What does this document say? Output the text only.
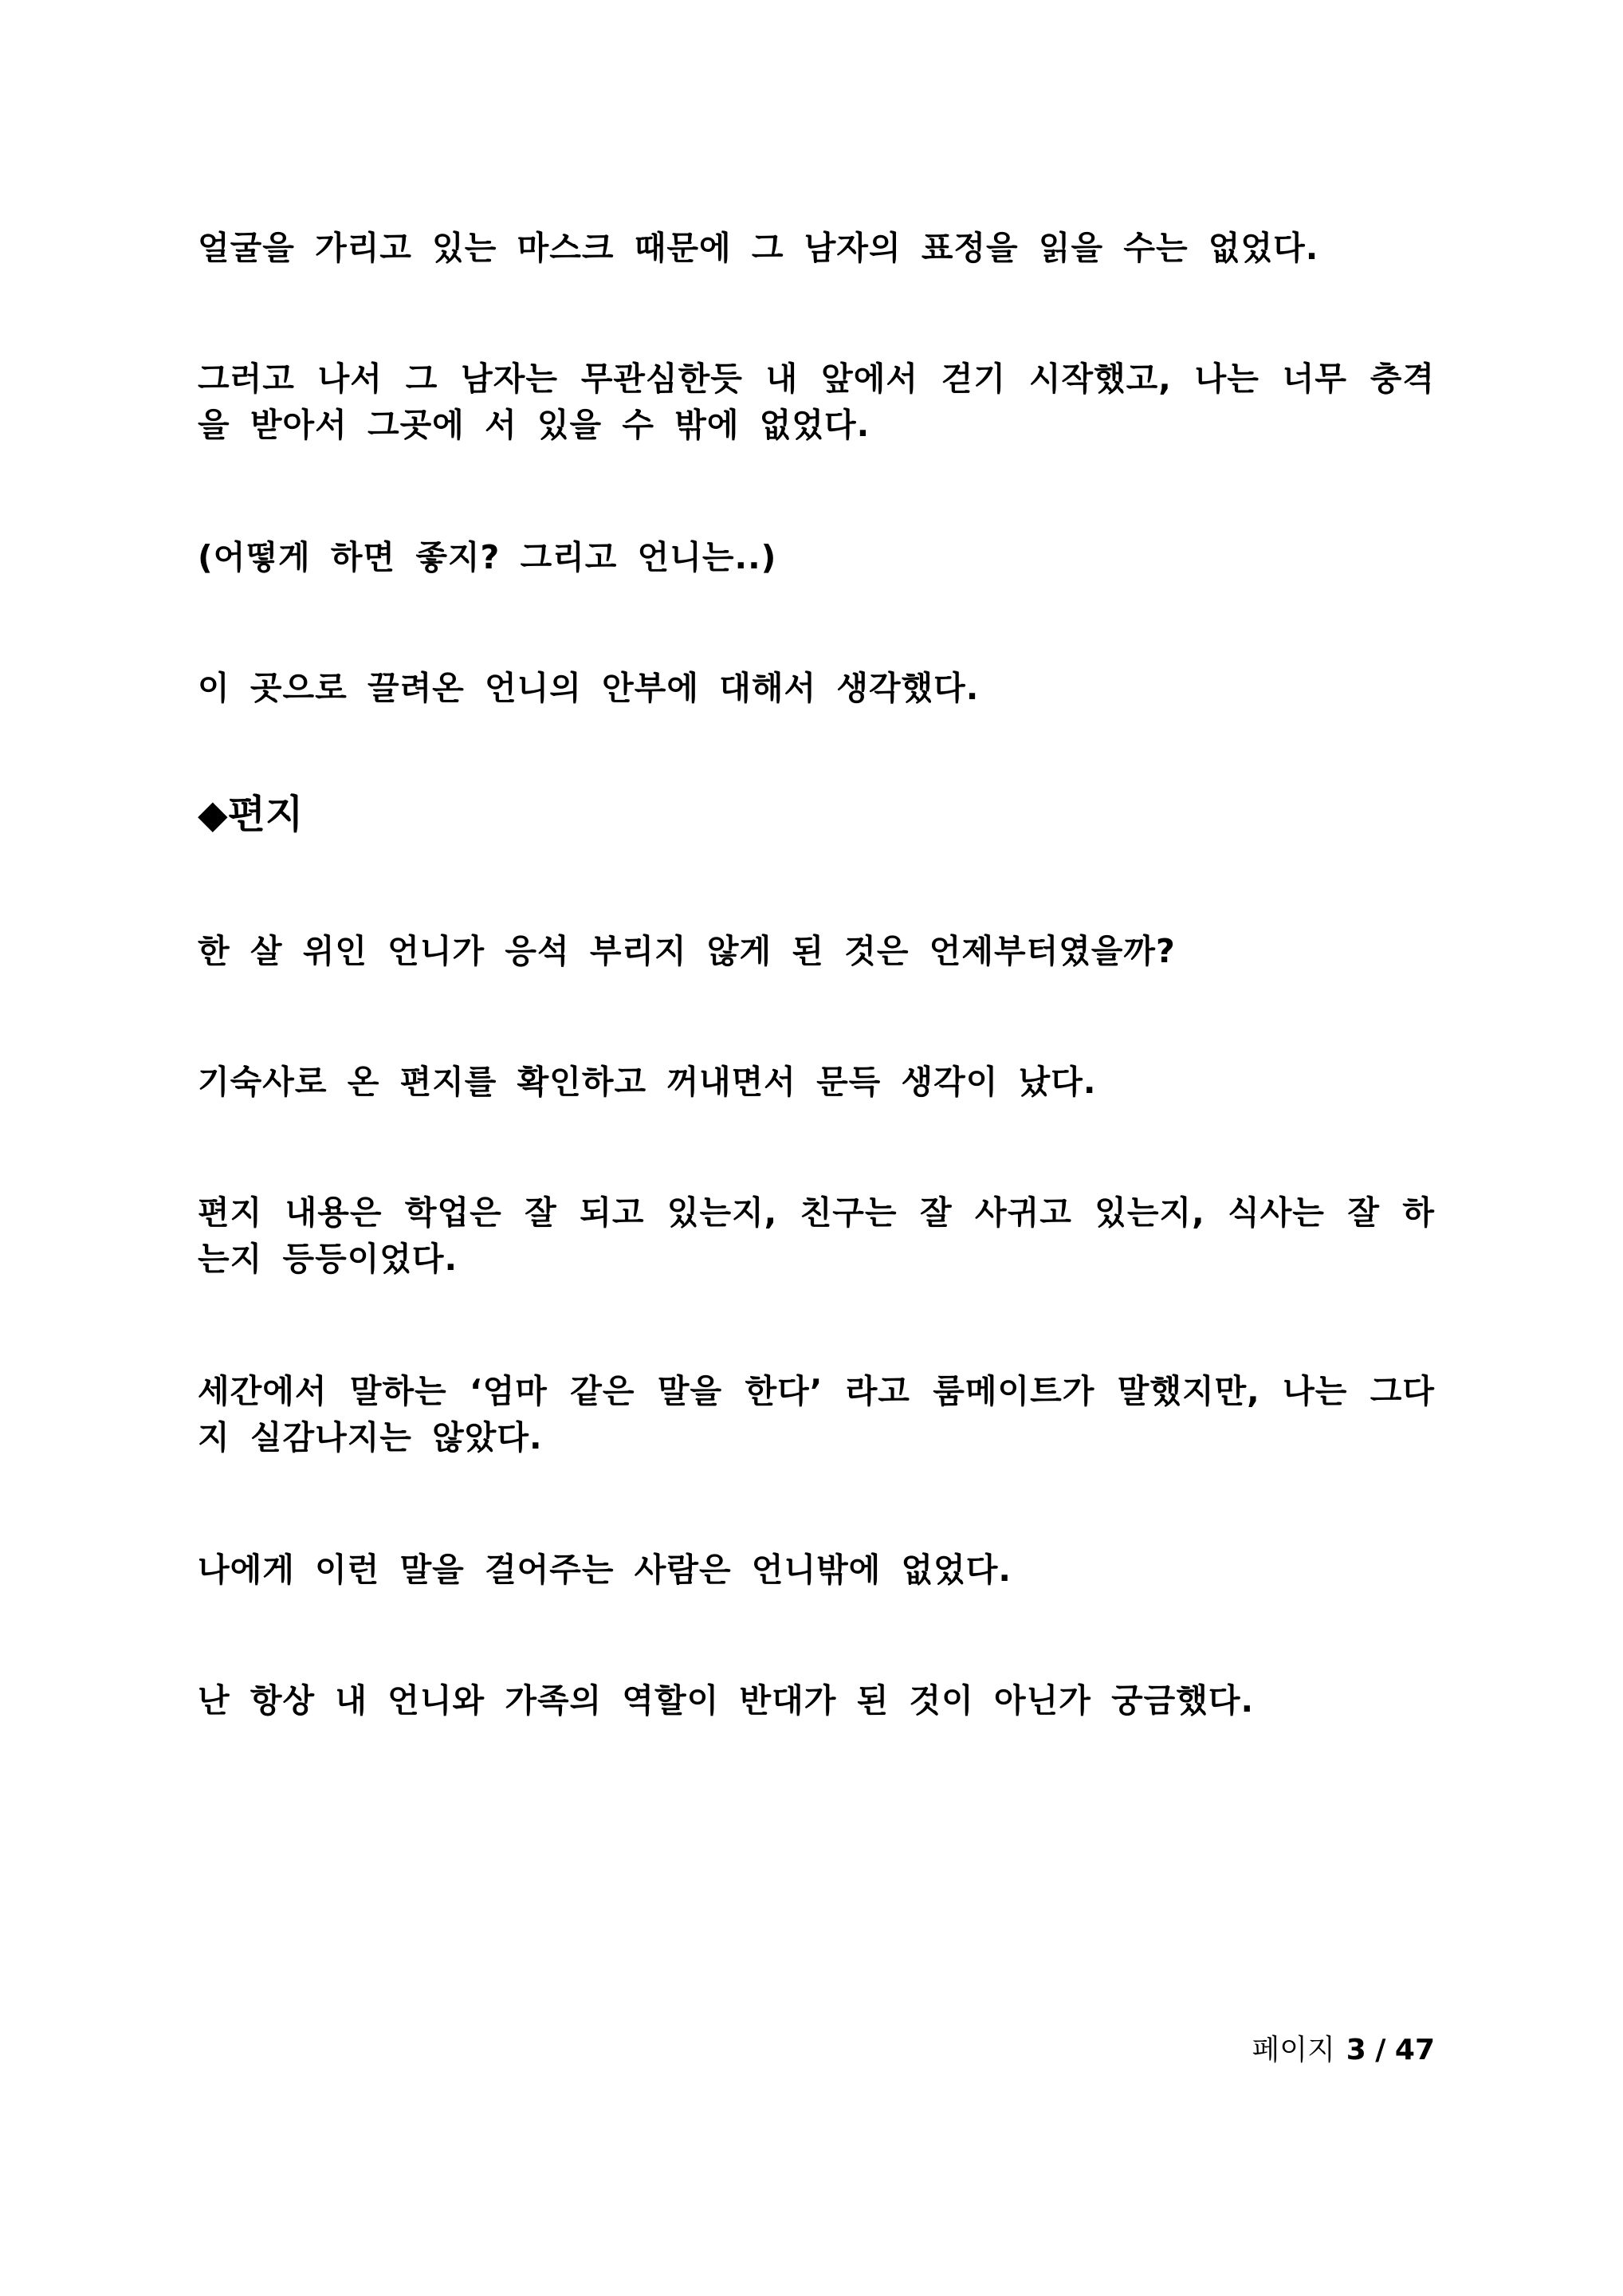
얼굴을 가리고 있는 마스크 때문에 그 남자의 표정을 읽을 수는 없었다.

그러고 나서 그 남자는 무관심한듯 내 앞에서 걷기 시작했고, 나는 너무 충격을 받아서 그곳에 서 있을 수 밖에 없었다.

(어떻게 하면 좋지? 그리고 언니는..)

이 곳으로 끌려온 언니의 안부에 대해서 생각했다.

◆편지

한 살 위인 언니가 응석 부리지 않게 된 것은 언제부터였을까?

기숙사로 온 편지를 확인하고 꺼내면서 문득 생각이 났다.

편지 내용은 학업은 잘 되고 있는지, 친구는 잘 사귀고 있는지, 식사는 잘 하는지 등등이었다.

세간에서 말하는 ‘엄마 같은 말을 한다’ 라고 룸메이트가 말했지만, 나는 그다지 실감나지는 않았다.

나에게 이런 말을 걸어주는 사람은 언니밖에 없었다.

난 항상 내 언니와 가족의 역할이 반대가 된 것이 아닌가 궁금했다.

페이지 3 / 47
